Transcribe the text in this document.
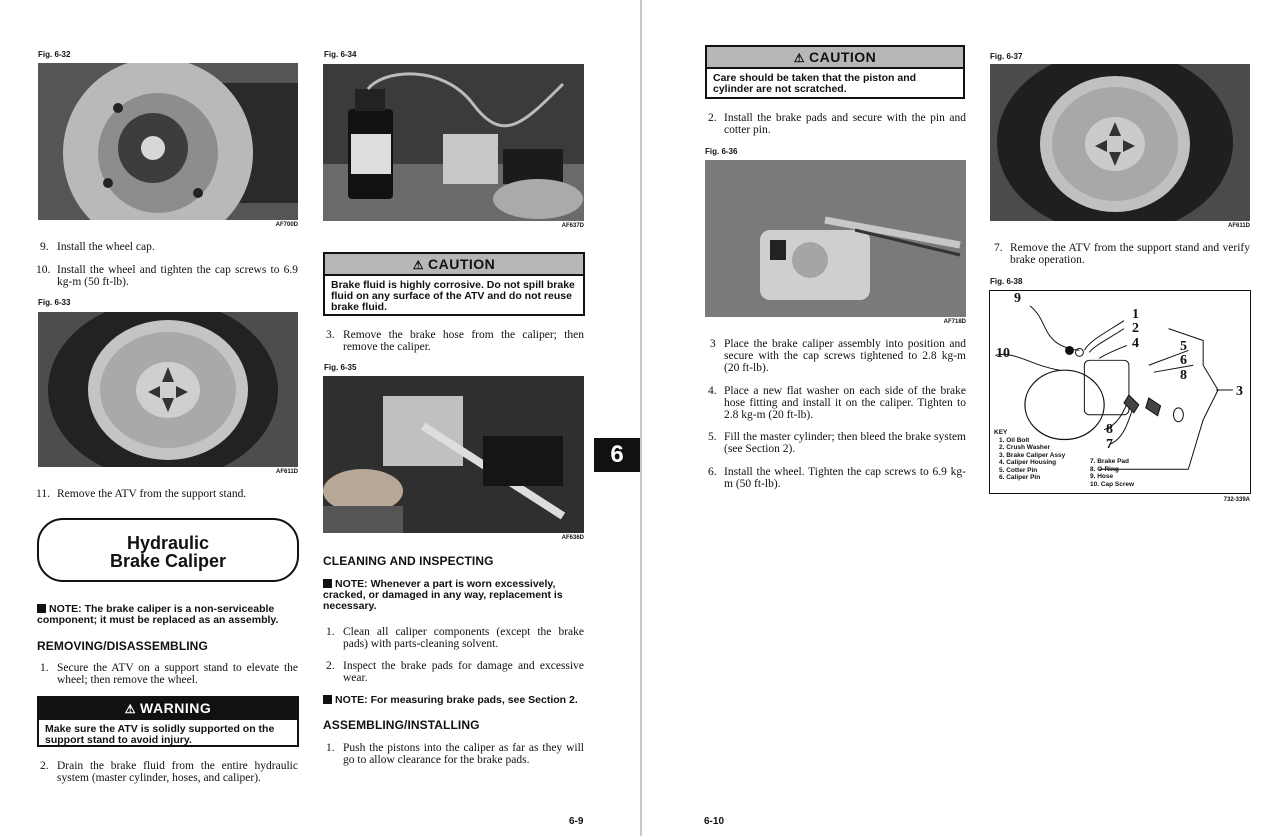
Fig. 6-32
AF700D
9. Install the wheel cap.
10. Install the wheel and tighten the cap screws to 6.9 kg-m (50 ft-lb).
Fig. 6-33
AF611D
11. Remove the ATV from the support stand.
Hydraulic
Brake Caliper
NOTE: The brake caliper is a non-serviceable component; it must be replaced as an assembly.
REMOVING/DISASSEMBLING
1. Secure the ATV on a support stand to elevate the wheel; then remove the wheel.
⚠ WARNING
Make sure the ATV is solidly supported on the support stand to avoid injury.
2. Drain the brake fluid from the entire hydraulic system (master cylinder, hoses, and caliper).
Fig. 6-34
AF637D
⚠ CAUTION
Brake fluid is highly corrosive. Do not spill brake fluid on any surface of the ATV and do not reuse brake fluid.
3. Remove the brake hose from the caliper; then remove the caliper.
Fig. 6-35
AF636D
CLEANING AND INSPECTING
NOTE: Whenever a part is worn excessively, cracked, or damaged in any way, replacement is necessary.
1. Clean all caliper components (except the brake pads) with parts-cleaning solvent.
2. Inspect the brake pads for damage and excessive wear.
NOTE: For measuring brake pads, see Section 2.
ASSEMBLING/INSTALLING
1. Push the pistons into the caliper as far as they will go to allow clearance for the brake pads.
6-9
6
⚠ CAUTION
Care should be taken that the piston and cylinder are not scratched.
2. Install the brake pads and secure with the pin and cotter pin.
Fig. 6-36
AF718D
3 Place the brake caliper assembly into position and secure with the cap screws tightened to 2.8 kg-m (20 ft-lb).
4. Place a new flat washer on each side of the brake hose fitting and install it on the caliper. Tighten to 2.8 kg-m (20 ft-lb).
5. Fill the master cylinder; then bleed the brake system (see Section 2).
6. Install the wheel. Tighten the cap screws to 6.9 kg-m (50 ft-lb).
Fig. 6-37
AF611D
7. Remove the ATV from the support stand and verify brake operation.
Fig. 6-38
9
1
2
4
10	5
6
8
3
8
7
KEY
1. Oil Bolt
2. Crush Washer
3. Brake Caliper Assy
4. Caliper Housing
5. Cotter Pin
6. Caliper Pin
7. Brake Pad
8. O-Ring
9. Hose
10. Cap Screw
732-339A
6-10
